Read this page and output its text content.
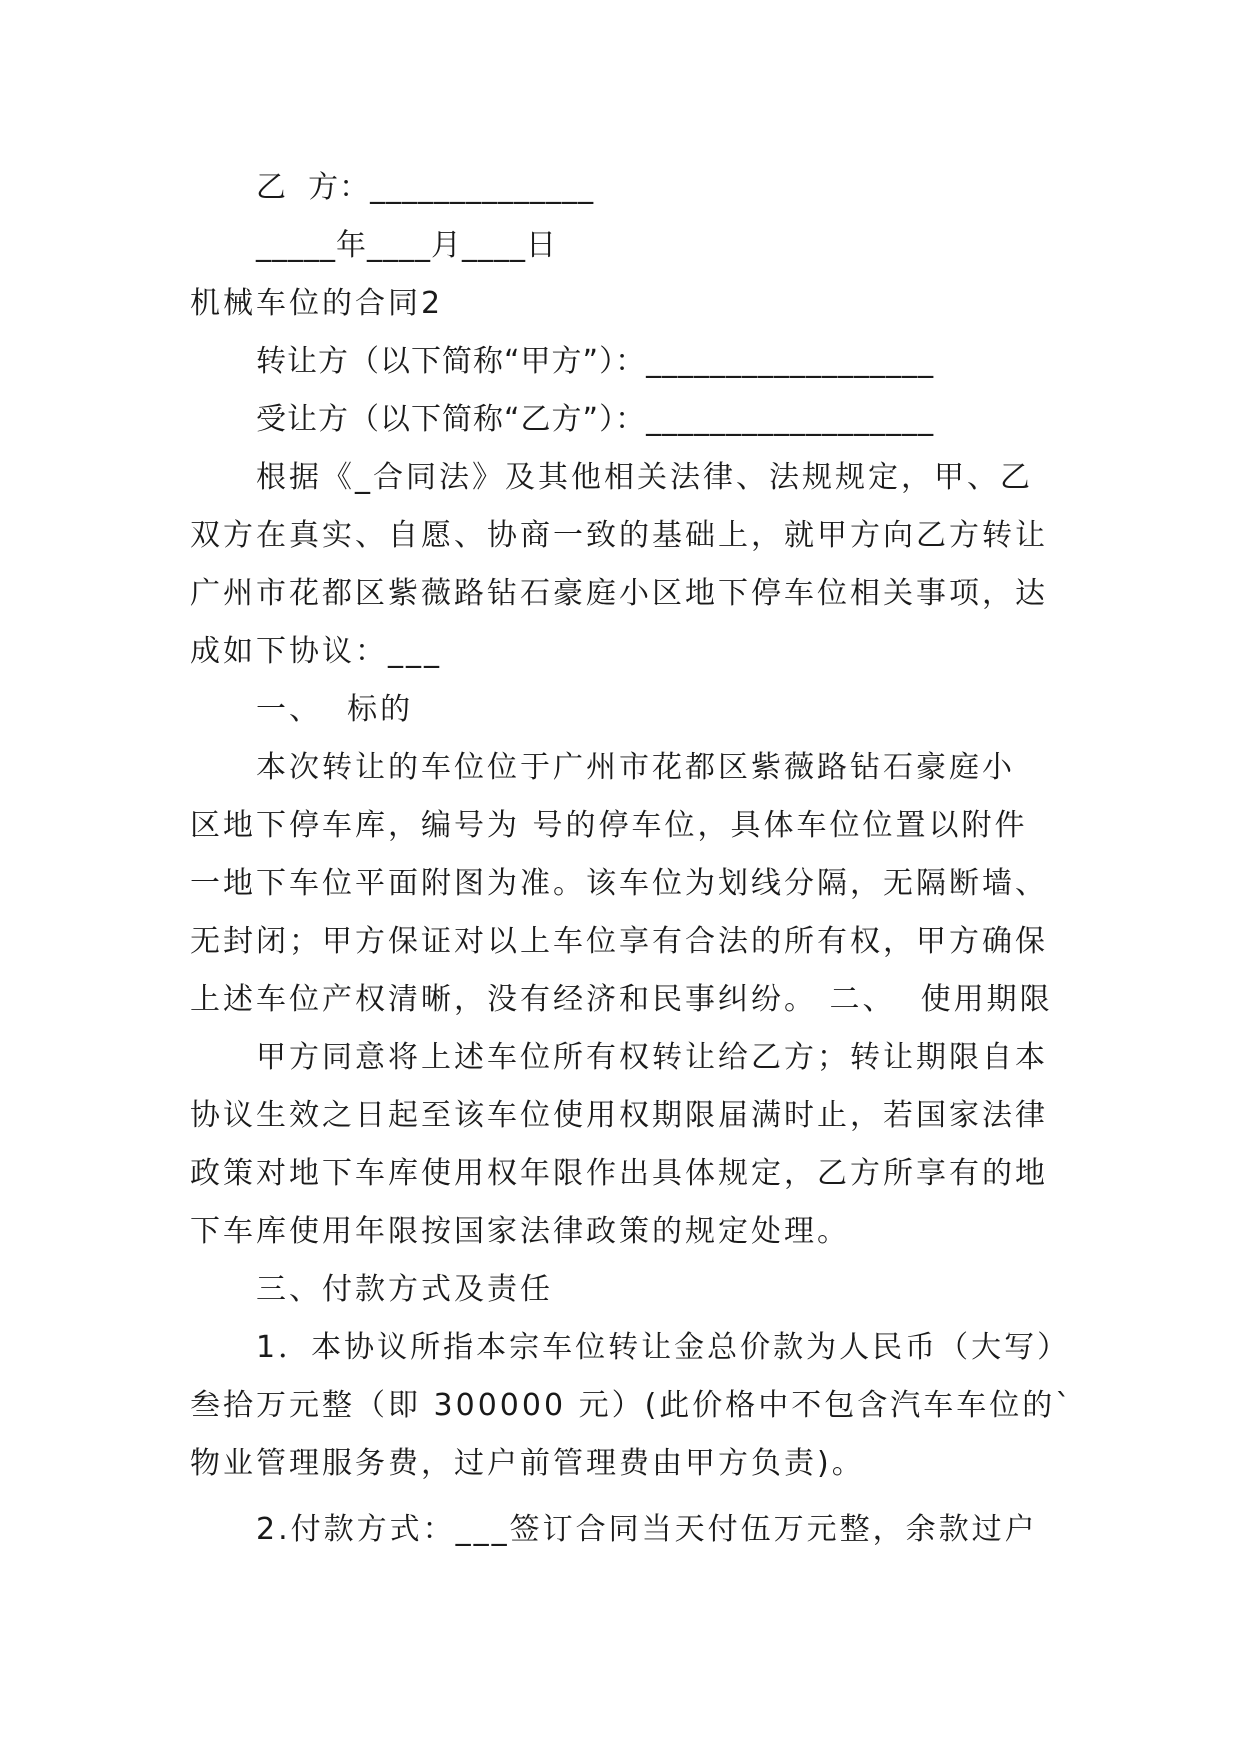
乙  方：______________
_____年____月____日
机械车位的合同2
转让方（以下简称“甲方”）：__________________
受让方（以下简称“乙方”）：__________________
根据《_合同法》及其他相关法律、法规规定，甲、乙
双方在真实、自愿、协商一致的基础上，就甲方向乙方转让
广州市花都区紫薇路钻石豪庭小区地下停车位相关事项，达
成如下协议：___
一、  标的
本次转让的车位位于广州市花都区紫薇路钻石豪庭小
区地下停车库，编号为 号的停车位，具体车位位置以附件
一地下车位平面附图为准。该车位为划线分隔，无隔断墙、
无封闭；甲方保证对以上车位享有合法的所有权，甲方确保
上述车位产权清晰，没有经济和民事纠纷。 二、  使用期限
甲方同意将上述车位所有权转让给乙方；转让期限自本
协议生效之日起至该车位使用权期限届满时止，若国家法律
政策对地下车库使用权年限作出具体规定，乙方所享有的地
下车库使用年限按国家法律政策的规定处理。
三、付款方式及责任
1．本协议所指本宗车位转让金总价款为人民币（大写）
叁拾万元整（即 300000 元）(此价格中不包含汽车车位的`
物业管理服务费，过户前管理费由甲方负责)。
2.付款方式：___签订合同当天付伍万元整，余款过户
